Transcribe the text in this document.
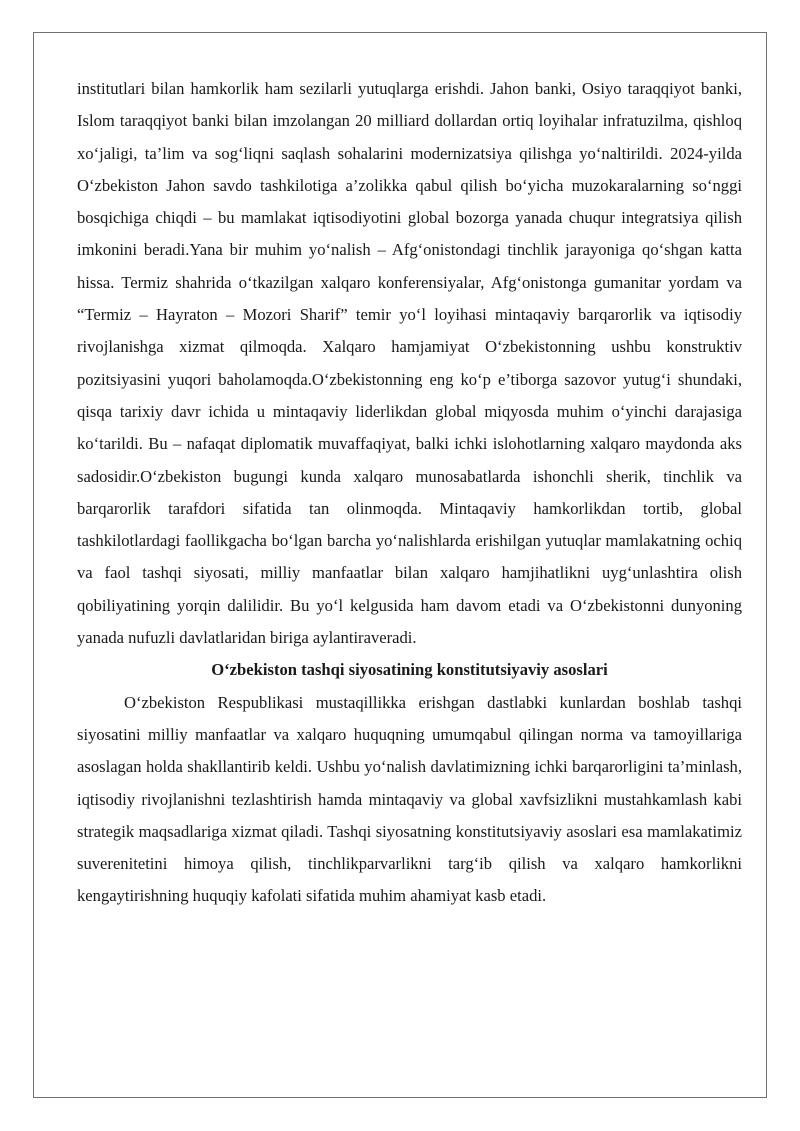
institutlari bilan hamkorlik ham sezilarli yutuqlarga erishdi. Jahon banki, Osiyo taraqqiyot banki, Islom taraqqiyot banki bilan imzolangan 20 milliard dollardan ortiq loyihalar infratuzilma, qishloq xo‘jaligi, ta’lim va sog‘liqni saqlash sohalarini modernizatsiya qilishga yo‘naltirildi. 2024-yilda O‘zbekiston Jahon savdo tashkilotiga a’zolikka qabul qilish bo‘yicha muzokaralarning so‘nggi bosqichiga chiqdi – bu mamlakat iqtisodiyotini global bozorga yanada chuqur integratsiya qilish imkonini beradi.Yana bir muhim yo‘nalish – Afg‘onistondagi tinchlik jarayoniga qo‘shgan katta hissa. Termiz shahrida o‘tkazilgan xalqaro konferensiyalar, Afg‘onistonga gumanitar yordam va “Termiz – Hayraton – Mozori Sharif” temir yo‘l loyihasi mintaqaviy barqarorlik va iqtisodiy rivojlanishga xizmat qilmoqda. Xalqaro hamjamiyat O‘zbekistonning ushbu konstruktiv pozitsiyasini yuqori baholamoqda.O‘zbekistonning eng ko‘p e’tiborga sazovor yutug‘i shundaki, qisqa tarixiy davr ichida u mintaqaviy liderlikdan global miqyosda muhim o‘yinchi darajasiga ko‘tarildi. Bu – nafaqat diplomatik muvaffaqiyat, balki ichki islohotlarning xalqaro maydonda aks sadosidir.O‘zbekiston bugungi kunda xalqaro munosabatlarda ishonchli sherik, tinchlik va barqarorlik tarafdori sifatida tan olinmoqda. Mintaqaviy hamkorlikdan tortib, global tashkilotlardagi faollikgacha bo‘lgan barcha yo‘nalishlarda erishilgan yutuqlar mamlakatning ochiq va faol tashqi siyosati, milliy manfaatlar bilan xalqaro hamjihatlikni uyg‘unlashtira olish qobiliyatining yorqin dalilidir. Bu yo‘l kelgusida ham davom etadi va O‘zbekistonni dunyoning yanada nufuzli davlatlaridan biriga aylantiraveradi.

O‘zbekiston tashqi siyosatining konstitutsiyaviy asoslari

O‘zbekiston Respublikasi mustaqillikka erishgan dastlabki kunlardan boshlab tashqi siyosatini milliy manfaatlar va xalqaro huquqning umumqabul qilingan norma va tamoyillariga asoslagan holda shakllantirib keldi. Ushbu yo‘nalish davlatimizning ichki barqarorligini ta’minlash, iqtisodiy rivojlanishni tezlashtirish hamda mintaqaviy va global xavfsizlikni mustahkamlash kabi strategik maqsadlariga xizmat qiladi. Tashqi siyosatning konstitutsiyaviy asoslari esa mamlakatimiz suverenitetini himoya qilish, tinchlikparvarlikni targ‘ib qilish va xalqaro hamkorlikni kengaytirishning huquqiy kafolati sifatida muhim ahamiyat kasb etadi.
